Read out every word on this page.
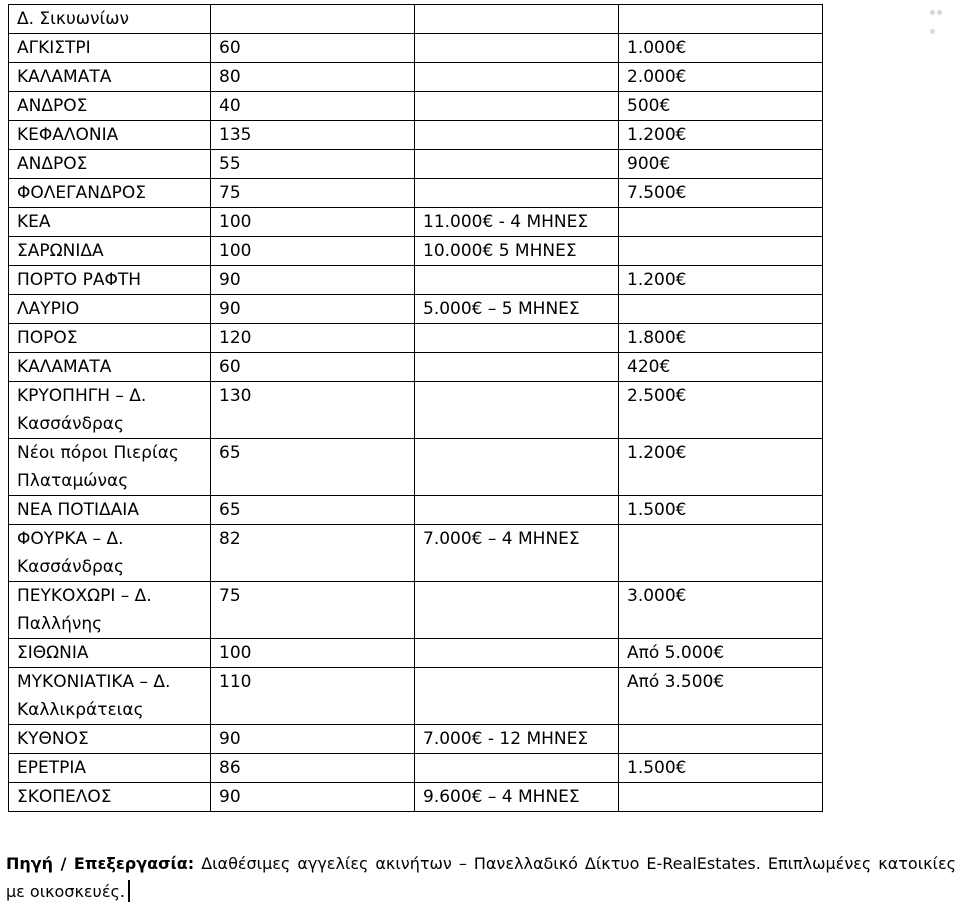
Δ. Σικυωνίων			
ΑΓΚΙΣΤΡΙ	60		1.000€
ΚΑΛΑΜΑΤΑ	80		2.000€
ΑΝΔΡΟΣ	40		500€
ΚΕΦΑΛΟΝΙΑ	135		1.200€
ΑΝΔΡΟΣ	55		900€
ΦΟΛΕΓΑΝΔΡΟΣ	75		7.500€
ΚΕΑ	100	11.000€ - 4 ΜΗΝΕΣ	
ΣΑΡΩΝΙΔΑ	100	10.000€ 5 ΜΗΝΕΣ	
ΠΟΡΤΟ ΡΑΦΤΗ	90		1.200€
ΛΑΥΡΙΟ	90	5.000€ – 5 ΜΗΝΕΣ	
ΠΟΡΟΣ	120		1.800€
ΚΑΛΑΜΑΤΑ	60		420€
ΚΡΥΟΠΗΓΗ – Δ. Κασσάνδρας	130		2.500€
Νέοι πόροι Πιερίας Πλαταμώνας	65		1.200€
ΝΕΑ ΠΟΤΙΔΑΙΑ	65		1.500€
ΦΟΥΡΚΑ – Δ. Κασσάνδρας	82	7.000€ – 4 ΜΗΝΕΣ	
ΠΕΥΚΟΧΩΡΙ – Δ. Παλλήνης	75		3.000€
ΣΙΘΩΝΙΑ	100		Από 5.000€
ΜΥΚΟΝΙΑΤΙΚΑ – Δ. Καλλικράτειας	110		Από 3.500€
ΚΥΘΝΟΣ	90	7.000€ - 12 ΜΗΝΕΣ	
ΕΡΕΤΡΙΑ	86		1.500€
ΣΚΟΠΕΛΟΣ	90	9.600€ – 4 ΜΗΝΕΣ	
Πηγή / Επεξεργασία: Διαθέσιμες αγγελίες ακινήτων – Πανελλαδικό Δίκτυο E-RealEstates. Επιπλωμένες κατοικίες με οικοσκευές.
